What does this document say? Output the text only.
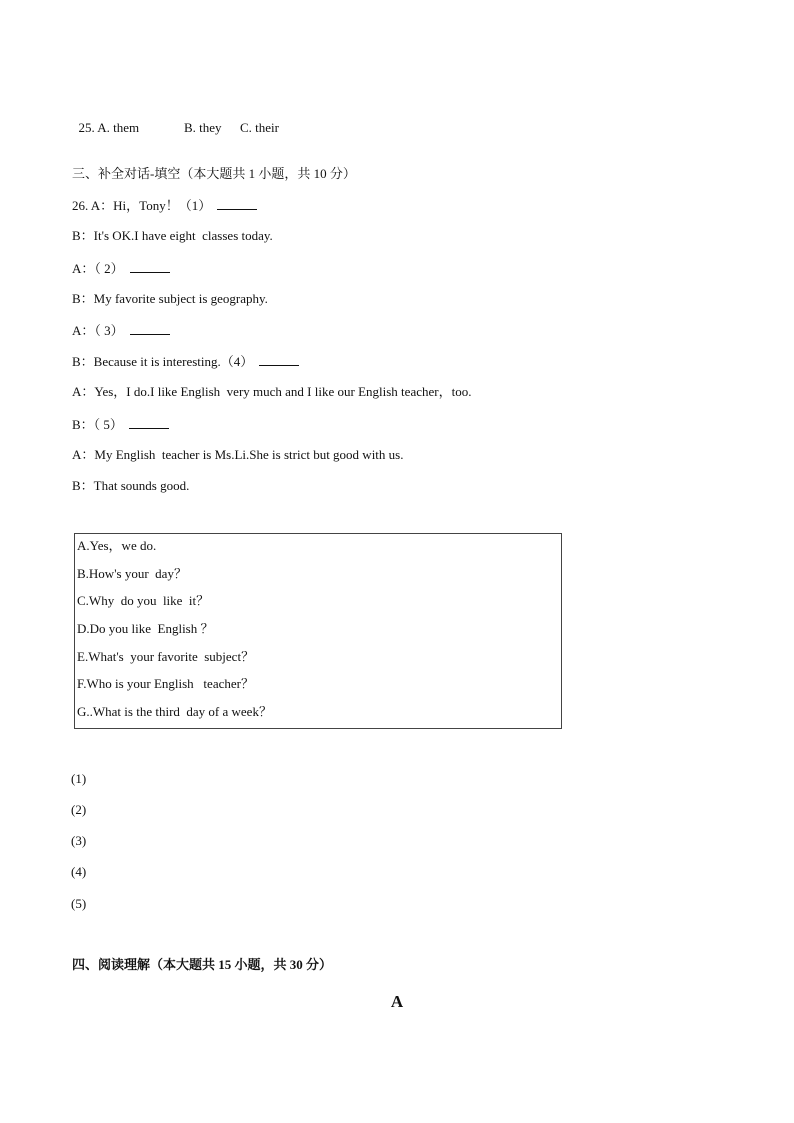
25. A. them	B. they C. their

三、补全对话-填空（本大题共 1 小题，共 10 分）
26. A：Hi，Tony！（1）
B：It's OK.I have eight  classes today.
A：（ 2）
B：My favorite subject is geography.
A：（ 3）
B：Because it is interesting.（4）
A：Yes，I do.I like English  very much and I like our English teacher，too.
B：（ 5）
A：My English  teacher is Ms.Li.She is strict but good with us.
B：That sounds good.
A.Yes，we do.
B.How's your  day？
C.Why  do you  like  it？
D.Do you like  English ？
E.What's  your favorite  subject？
F.Who is your English   teacher？
G..What is the third  day of a week？
(1)
(2)
(3)
(4)
(5)
四、阅读理解（本大题共 15 小题，共 30 分）
A
